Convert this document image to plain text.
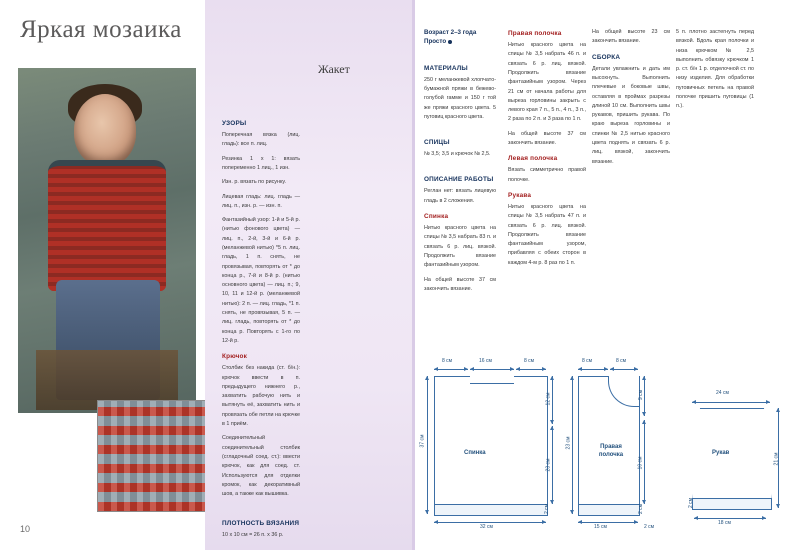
Яркая мозаика
Жакет
10
УЗОРЫ

Поперечная вязка (лиц. гладь): все п. лиц.

Резинка 1 х 1: вязать попеременно 1 лиц., 1 изн.

Изн. р. вязать по рисунку.

Лицевая гладь: лиц. гладь — лиц. п., изн. р. — изн. п.

Фантазийный узор: 1-й и 5-й р. (нитью фонового цвета) — лиц. п., 2-й, 3-й и 6-й р. (меланжевой нитью) *5 п. лиц. гладь, 1 п. снять, не провязывая, повторять от * до конца р., 7-й и 8-й р. (нитью основного цвета) — лиц. п.; 9, 10, 11 и 12-й р. (меланжевой нитью): 2 п. — лиц. гладь, *1 п. снять, не провязывая, 5 п. — лиц. гладь, повторять от * до конца р. Повторять с 1-го по 12-й р.

Крючок

Столбик без накида (ст. б/н.): крючок ввести в п. предыдущего нижнего р., захватить рабочую нить и вытянуть её, захватить нить и провязать обе петли на крючке в 1 приём.

Соединительный соединительный столбик (сгладочный соед. ст.): ввести крючок, как для соед. ст. Используются для отделки кромок, как декоративный шов, а также как вышивка.

ПЛОТНОСТЬ ВЯЗАНИЯ

10 х 10 см = 26 п. х 36 р.

Возраст 2–3 года
Просто
МАТЕРИАЛЫ

250 г меланжевой хлопчато-бумажной пряжи в бежево-голубой гамме и 150 г той же пряжи красного цвета. 5 пуговиц красного цвета.

СПИЦЫ

№ 3,5; 3,5 и крючок № 2,5.

ОПИСАНИЕ РАБОТЫ

Реглан нет: вязать лицевую гладь в 2 сложения.

Спинка

Нитью красного цвета на спицы № 3,5 набрать 83 п. и связать 6 р. лиц. вязкой. Продолжить вязание фантазийным узором.

На общей высоте 37 см закончить вязание.

Правая полочка

Нитью красного цвета на спицы № 3,5 набрать 46 п. и связать 6 р. лиц. вязкой. Продолжить вязание фантазийным узором. Через 21 см от начала работы для выреза горловины закрыть с левого края 7 п., 5 п., 4 п., 3 п., 2 раза по 2 п. и 3 раза по 1 п.

На общей высоте 37 см закончить вязание.

Левая полочка

Вязать симметрично правой полочке.

Рукава

Нитью красного цвета на спицы № 3,5 набрать 47 п. и связать 6 р. лиц. вязкой. Продолжить вязание фантазийным узором, прибавляя с обеих сторон в каждом 4-м р. 8 раз по 1 п.

На общей высоте 23 см закончить вязание.

СБОРКА

Детали увлажнить и дать им высохнуть. Выполнить плечевые и боковые швы, оставляя в проймах разрезы длиной 10 см. Выполнить швы рукавов, пришить рукава. По краю выреза горловины и спинки № 2,5 нитью красного цвета поднять и связать 6 р. лиц. вязкой, закончить вязание.

5 п. плотно застегнуть перед вязкой. Вдоль края полочки и низа крючком № 2,5 выполнить обвязку крючком 1 р. ст. б/н 1 р. отделочной ст. по низу изделия. Для обработки пуговичных петель на правой полочке пришить пуговицы (1 п.).

8 см	16 см	8 см
37 см
12 см
23 см
2 см
Спинка
32 см
8 см	8 см
23 см
9 см
10 см
2 см
Правая полочка
15 см	2 см
24 см
21 см
2 см
Рукав
18 см
